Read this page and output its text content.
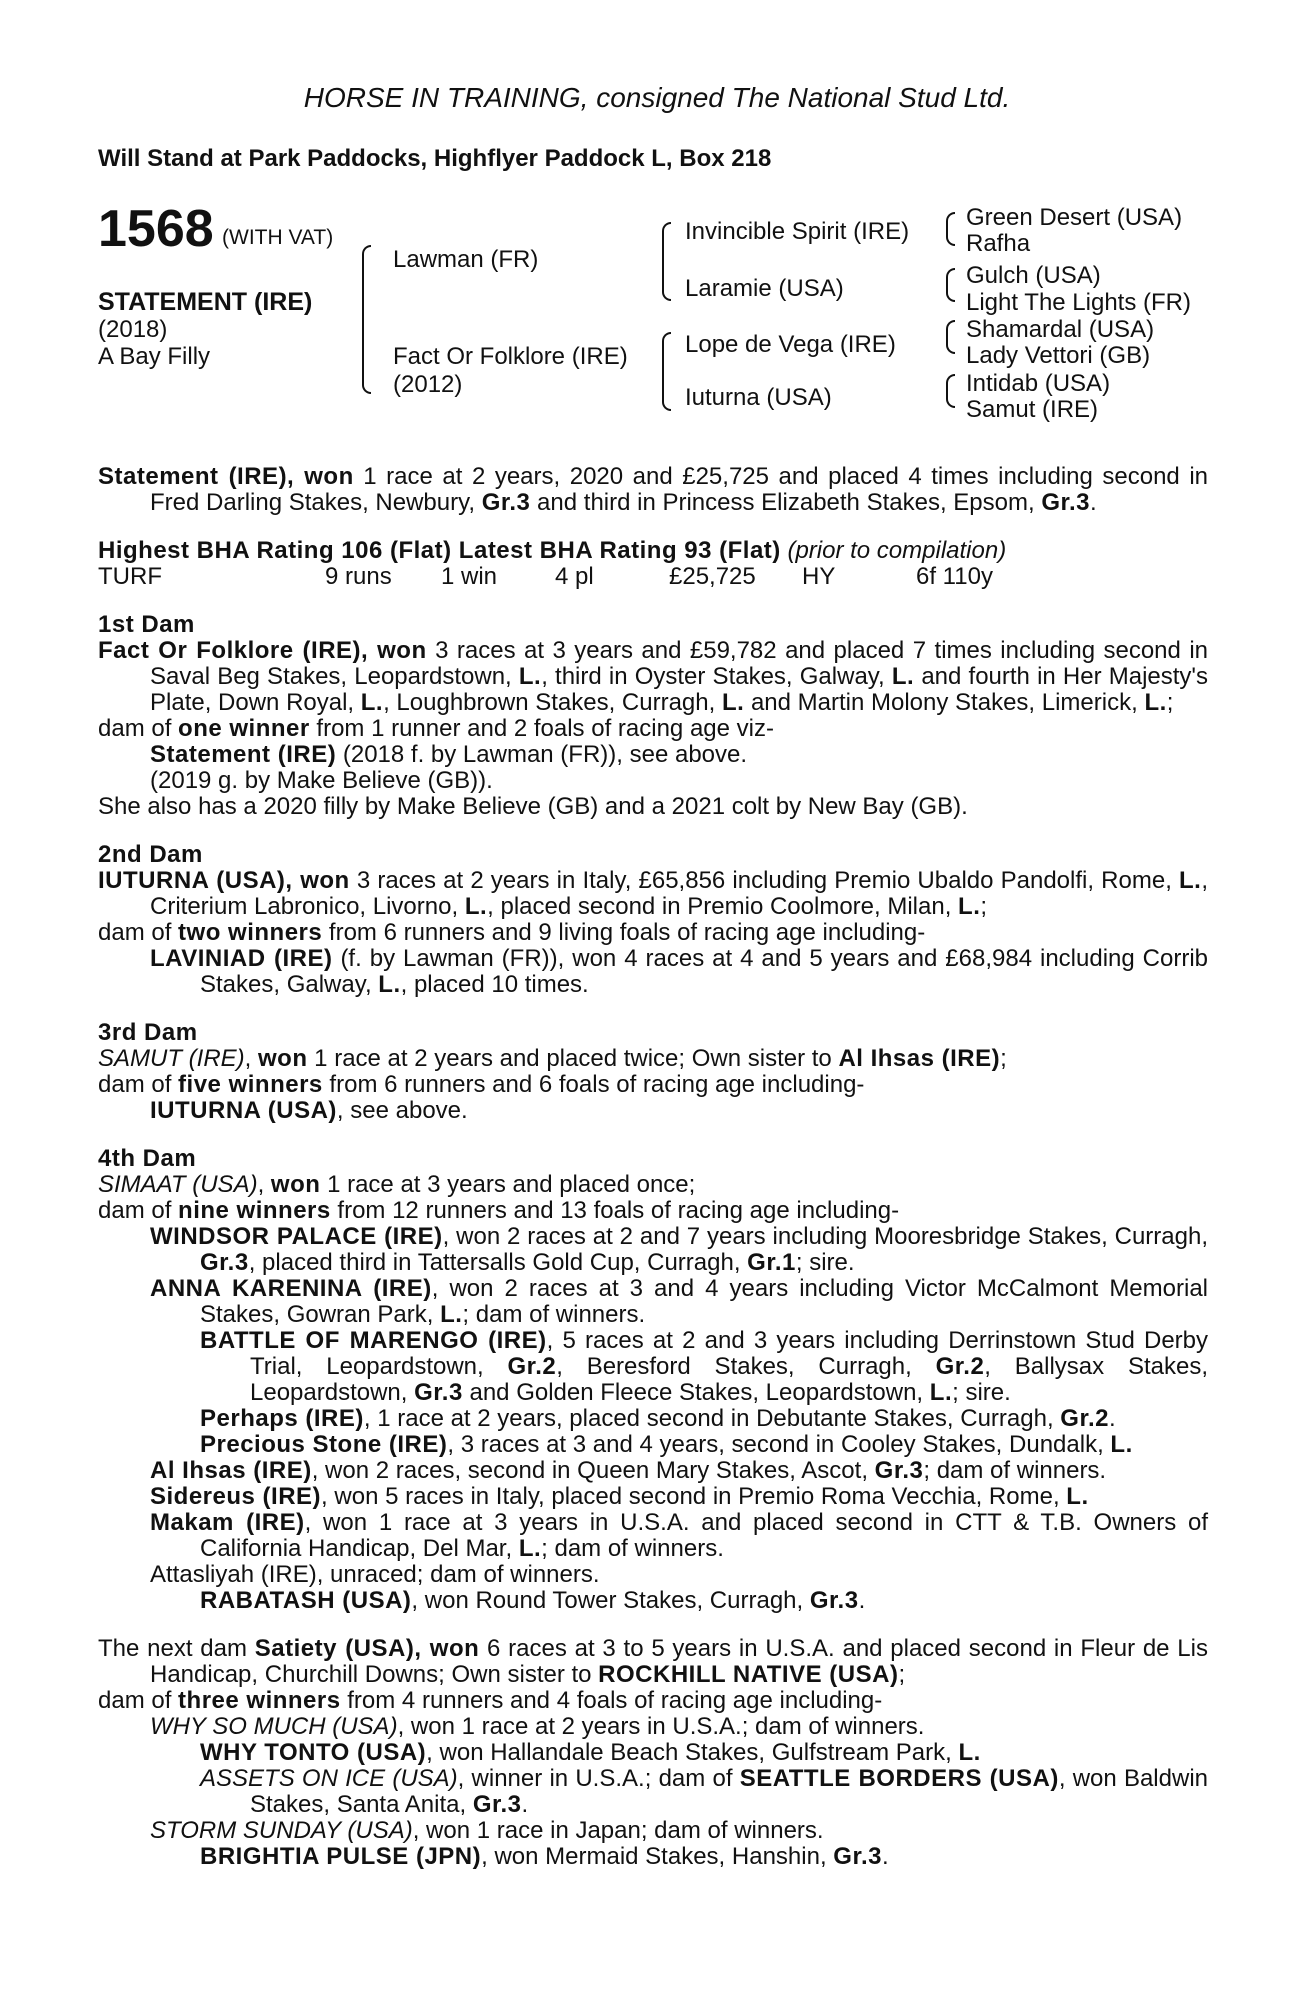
HORSE IN TRAINING, consigned The National Stud Ltd.
Will Stand at Park Paddocks, Highflyer Paddock L, Box 218
1568 (WITH VAT)
STATEMENT (IRE)
(2018)
A Bay Filly
Lawman (FR)
Fact Or Folklore (IRE)
(2012)
Invincible Spirit (IRE)
Laramie (USA)
Lope de Vega (IRE)
Iuturna (USA)
Green Desert (USA)
Rafha
Gulch (USA)
Light The Lights (FR)
Shamardal (USA)
Lady Vettori (GB)
Intidab (USA)
Samut (IRE)

Statement (IRE), won 1 race at 2 years, 2020 and £25,725 and placed 4 times including second in Fred Darling Stakes, Newbury, Gr.3 and third in Princess Elizabeth Stakes, Epsom, Gr.3.

Highest BHA Rating 106 (Flat) Latest BHA Rating 93 (Flat) (prior to compilation)

TURF	9 runs 1 win 4 pl	£25,725 HY	6f 110y

1st Dam

Fact Or Folklore (IRE), won 3 races at 3 years and £59,782 and placed 7 times including second in Saval Beg Stakes, Leopardstown, L., third in Oyster Stakes, Galway, L. and fourth in Her Majesty's Plate, Down Royal, L., Loughbrown Stakes, Curragh, L. and Martin Molony Stakes, Limerick, L.;

dam of one winner from 1 runner and 2 foals of racing age viz-

Statement (IRE) (2018 f. by Lawman (FR)), see above.

(2019 g. by Make Believe (GB)).

She also has a 2020 filly by Make Believe (GB) and a 2021 colt by New Bay (GB).

2nd Dam

IUTURNA (USA), won 3 races at 2 years in Italy, £65,856 including Premio Ubaldo Pandolfi, Rome, L., Criterium Labronico, Livorno, L., placed second in Premio Coolmore, Milan, L.;

dam of two winners from 6 runners and 9 living foals of racing age including-

LAVINIAD (IRE) (f. by Lawman (FR)), won 4 races at 4 and 5 years and £68,984 including Corrib Stakes, Galway, L., placed 10 times.

3rd Dam

SAMUT (IRE), won 1 race at 2 years and placed twice; Own sister to Al Ihsas (IRE);

dam of five winners from 6 runners and 6 foals of racing age including-

IUTURNA (USA), see above.

4th Dam

SIMAAT (USA), won 1 race at 3 years and placed once;

dam of nine winners from 12 runners and 13 foals of racing age including-

WINDSOR PALACE (IRE), won 2 races at 2 and 7 years including Mooresbridge Stakes, Curragh, Gr.3, placed third in Tattersalls Gold Cup, Curragh, Gr.1; sire.

ANNA KARENINA (IRE), won 2 races at 3 and 4 years including Victor McCalmont Memorial Stakes, Gowran Park, L.; dam of winners.

BATTLE OF MARENGO (IRE), 5 races at 2 and 3 years including Derrinstown Stud Derby Trial, Leopardstown, Gr.2, Beresford Stakes, Curragh, Gr.2, Ballysax Stakes, Leopardstown, Gr.3 and Golden Fleece Stakes, Leopardstown, L.; sire.

Perhaps (IRE), 1 race at 2 years, placed second in Debutante Stakes, Curragh, Gr.2.

Precious Stone (IRE), 3 races at 3 and 4 years, second in Cooley Stakes, Dundalk, L.

Al Ihsas (IRE), won 2 races, second in Queen Mary Stakes, Ascot, Gr.3; dam of winners.

Sidereus (IRE), won 5 races in Italy, placed second in Premio Roma Vecchia, Rome, L.

Makam (IRE), won 1 race at 3 years in U.S.A. and placed second in CTT & T.B. Owners of California Handicap, Del Mar, L.; dam of winners.

Attasliyah (IRE), unraced; dam of winners.

RABATASH (USA), won Round Tower Stakes, Curragh, Gr.3.

The next dam Satiety (USA), won 6 races at 3 to 5 years in U.S.A. and placed second in Fleur de Lis Handicap, Churchill Downs; Own sister to ROCKHILL NATIVE (USA);

dam of three winners from 4 runners and 4 foals of racing age including-

WHY SO MUCH (USA), won 1 race at 2 years in U.S.A.; dam of winners.

WHY TONTO (USA), won Hallandale Beach Stakes, Gulfstream Park, L.

ASSETS ON ICE (USA), winner in U.S.A.; dam of SEATTLE BORDERS (USA), won Baldwin Stakes, Santa Anita, Gr.3.

STORM SUNDAY (USA), won 1 race in Japan; dam of winners.

BRIGHTIA PULSE (JPN), won Mermaid Stakes, Hanshin, Gr.3.
